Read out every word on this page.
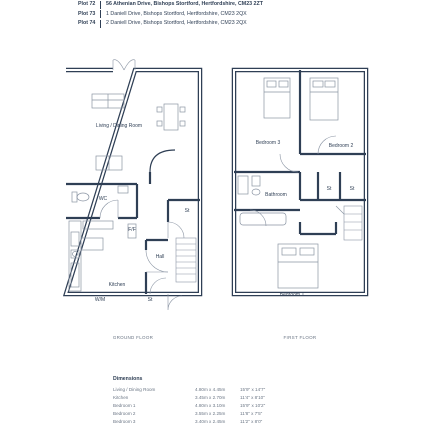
Plot 72	56 Athenian Drive, Bishops Stortford, Hertfordshire, CM23 2ZT
Plot 73	1 Daniell Drive, Bishops Stortford, Hertfordshire, CM23 2QX
Plot 74	2 Daniell Drive, Bishops Stortford, Hertfordshire, CM23 2QX
Living / Dining Room
WC
St
F/F
Hall
Kitchen
W/M	St
Bedroom 3	Bedroom 2
Bathroom
St	St
Bedroom 1
GROUND FLOOR	FIRST FLOOR
Dimensions
Living / Dining Room	4.80m x 4.45m	15'9" x 14'7"
Kitchen	3.45m x 2.70m	11'4" x 8'10"
Bedroom 1	4.80m x 3.10m	15'9" x 10'2"
Bedroom 2	3.55m x 2.25m	11'8" x 7'5"
Bedroom 3	3.40m x 2.45m	11'2" x 8'0"
